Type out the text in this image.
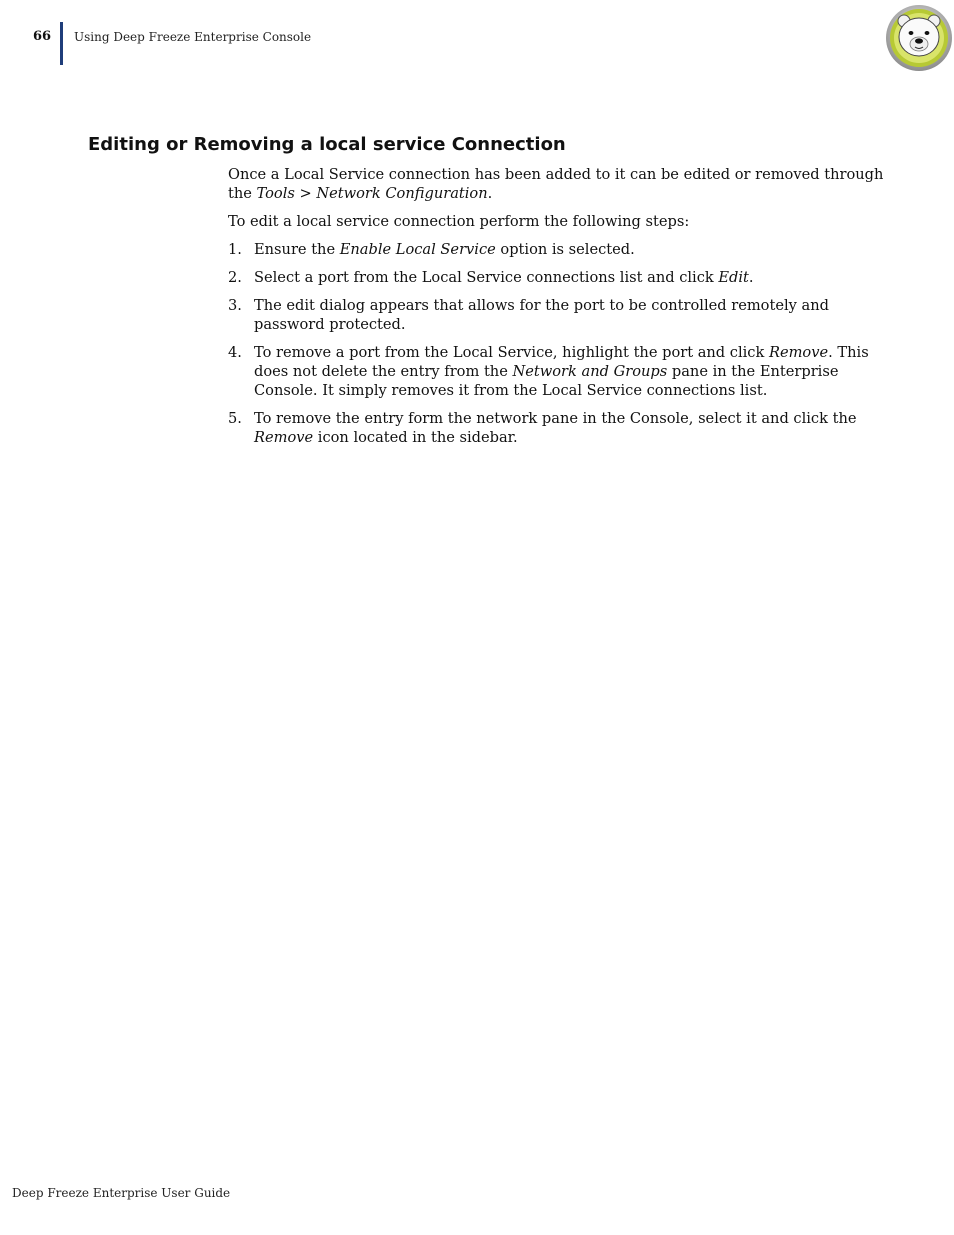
66 Using Deep Freeze Enterprise Console
Editing or Removing a local service Connection

Once a Local Service connection has been added to it can be edited or removed through the Tools > Network Configuration.

To edit a local service connection perform the following steps:

1. Ensure the Enable Local Service option is selected.
2. Select a port from the Local Service connections list and click Edit.
3. The edit dialog appears that allows for the port to be controlled remotely and password protected.
4. To remove a port from the Local Service, highlight the port and click Remove. This does not delete the entry from the Network and Groups pane in the Enterprise Console. It simply removes it from the Local Service connections list.
5. To remove the entry form the network pane in the Console, select it and click the Remove icon located in the sidebar.
Deep Freeze Enterprise User Guide
